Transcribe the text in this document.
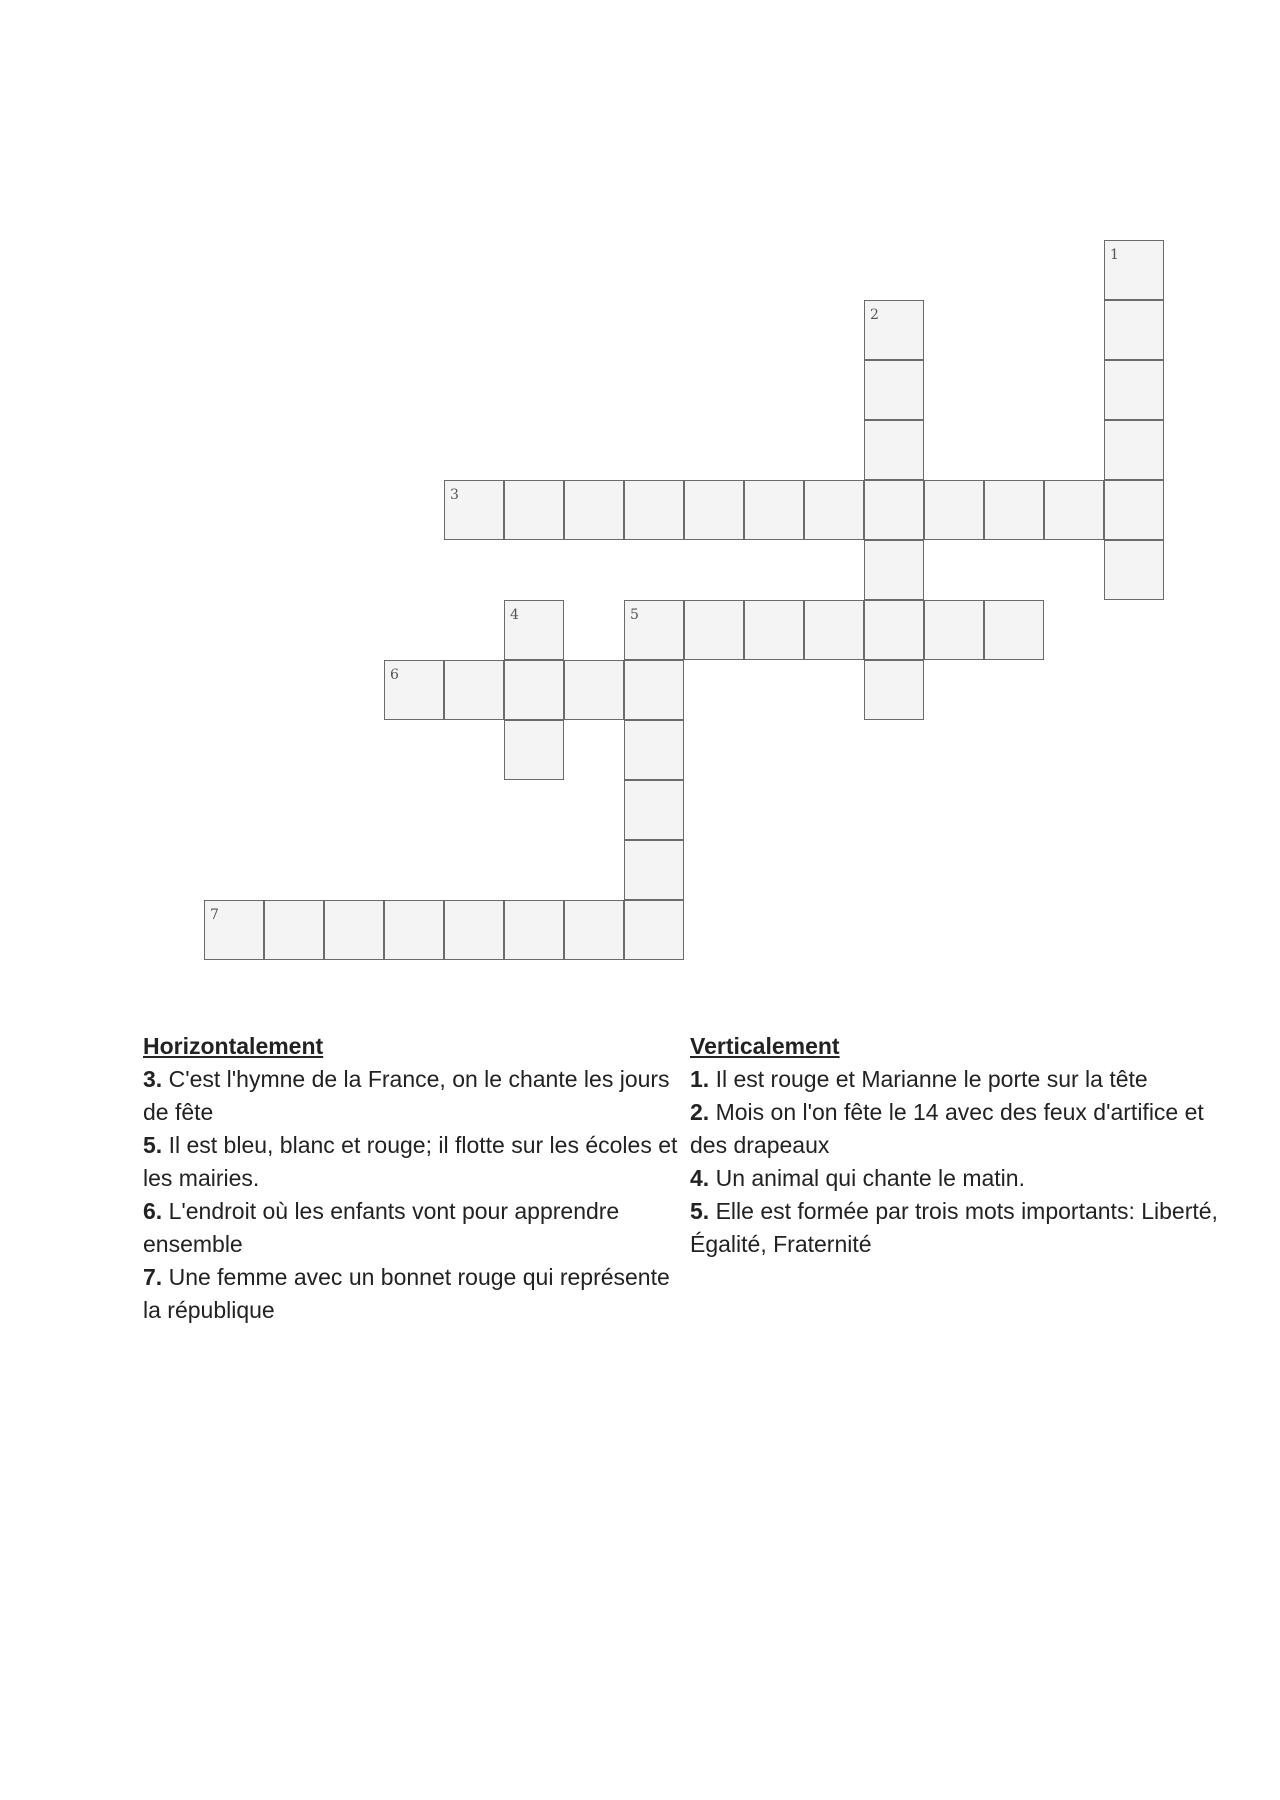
1
2
3
4	5
6
7
Horizontalement

3. C'est l'hymne de la France, on le chante les jours de fête

5. Il est bleu, blanc et rouge; il flotte sur les écoles et les mairies.

6. L'endroit où les enfants vont pour apprendre ensemble

7. Une femme avec un bonnet rouge qui représente la république

Verticalement

1. Il est rouge et Marianne le porte sur la tête

2. Mois on l'on fête le 14 avec des feux d'artifice et des drapeaux

4. Un animal qui chante le matin.

5. Elle est formée par trois mots importants: Liberté, Égalité, Fraternité
